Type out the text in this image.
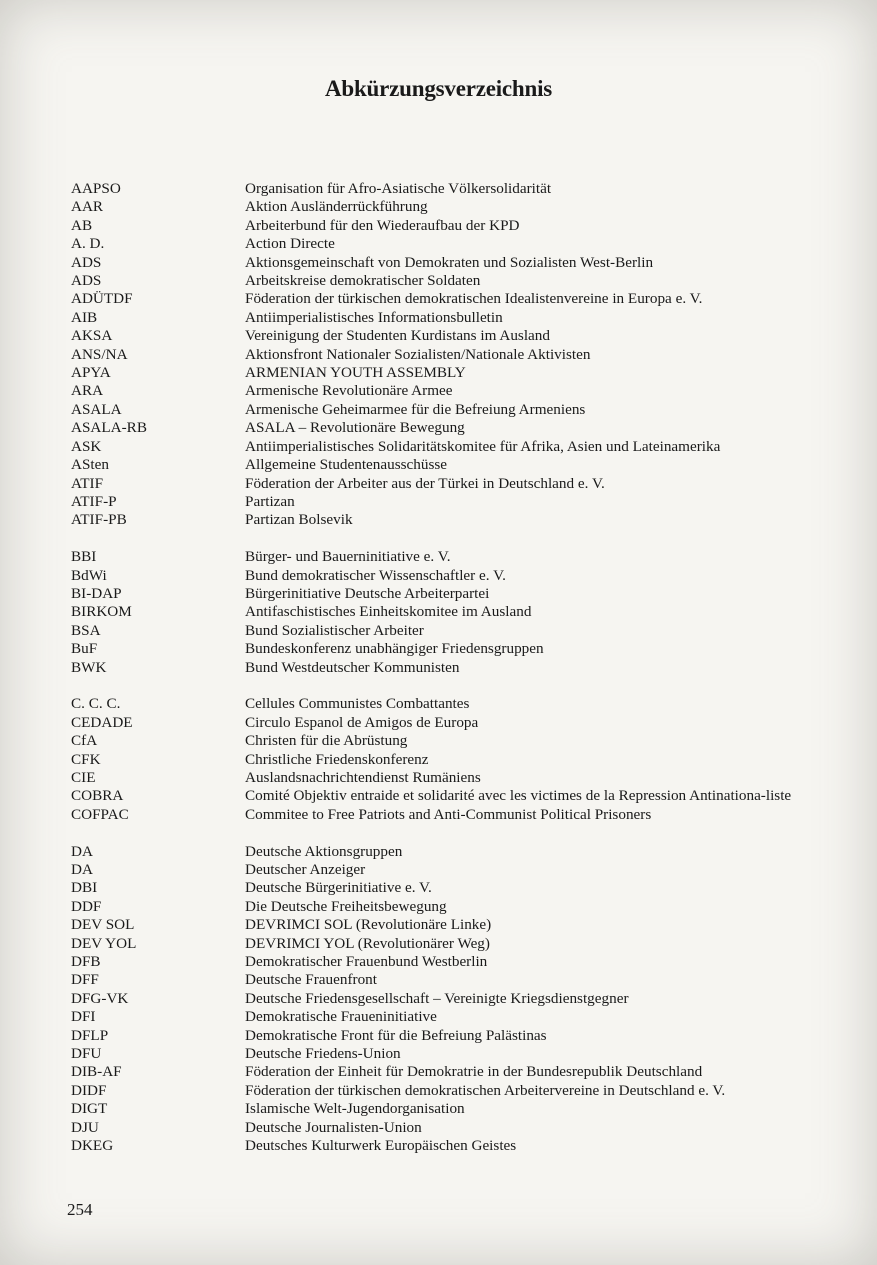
Abkürzungsverzeichnis
AAPSO	Organisation für Afro-Asiatische Völkersolidarität
AAR	Aktion Ausländerrückführung
AB	Arbeiterbund für den Wiederaufbau der KPD
A. D.	Action Directe
ADS	Aktionsgemeinschaft von Demokraten und Sozialisten West-Berlin
ADS	Arbeitskreise demokratischer Soldaten
ADÜTDF	Föderation der türkischen demokratischen Idealistenvereine in Europa e. V.
AIB	Antiimperialistisches Informationsbulletin
AKSA	Vereinigung der Studenten Kurdistans im Ausland
ANS/NA	Aktionsfront Nationaler Sozialisten/Nationale Aktivisten
APYA	ARMENIAN YOUTH ASSEMBLY
ARA	Armenische Revolutionäre Armee
ASALA	Armenische Geheimarmee für die Befreiung Armeniens
ASALA-RB	ASALA – Revolutionäre Bewegung
ASK	Antiimperialistisches Solidaritätskomitee für Afrika, Asien und Lateinamerika
ASten	Allgemeine Studentenausschüsse
ATIF	Föderation der Arbeiter aus der Türkei in Deutschland e. V.
ATIF-P	Partizan
ATIF-PB	Partizan Bolsevik
BBI	Bürger- und Bauerninitiative e. V.
BdWi	Bund demokratischer Wissenschaftler e. V.
BI-DAP	Bürgerinitiative Deutsche Arbeiterpartei
BIRKOM	Antifaschistisches Einheitskomitee im Ausland
BSA	Bund Sozialistischer Arbeiter
BuF	Bundeskonferenz unabhängiger Friedensgruppen
BWK	Bund Westdeutscher Kommunisten
C. C. C.	Cellules Communistes Combattantes
CEDADE	Circulo Espanol de Amigos de Europa
CfA	Christen für die Abrüstung
CFK	Christliche Friedenskonferenz
CIE	Auslandsnachrichtendienst Rumäniens
COBRA	Comité Objektiv entraide et solidarité avec les victimes de la Repression Antinationa-liste
COFPAC	Commitee to Free Patriots and Anti-Communist Political Prisoners
DA	Deutsche Aktionsgruppen
DA	Deutscher Anzeiger
DBI	Deutsche Bürgerinitiative e. V.
DDF	Die Deutsche Freiheitsbewegung
DEV SOL	DEVRIMCI SOL (Revolutionäre Linke)
DEV YOL	DEVRIMCI YOL (Revolutionärer Weg)
DFB	Demokratischer Frauenbund Westberlin
DFF	Deutsche Frauenfront
DFG-VK	Deutsche Friedensgesellschaft – Vereinigte Kriegsdienstgegner
DFI	Demokratische Fraueninitiative
DFLP	Demokratische Front für die Befreiung Palästinas
DFU	Deutsche Friedens-Union
DIB-AF	Föderation der Einheit für Demokratrie in der Bundesrepublik Deutschland
DIDF	Föderation der türkischen demokratischen Arbeitervereine in Deutschland e. V.
DIGT	Islamische Welt-Jugendorganisation
DJU	Deutsche Journalisten-Union
DKEG	Deutsches Kulturwerk Europäischen Geistes

254
